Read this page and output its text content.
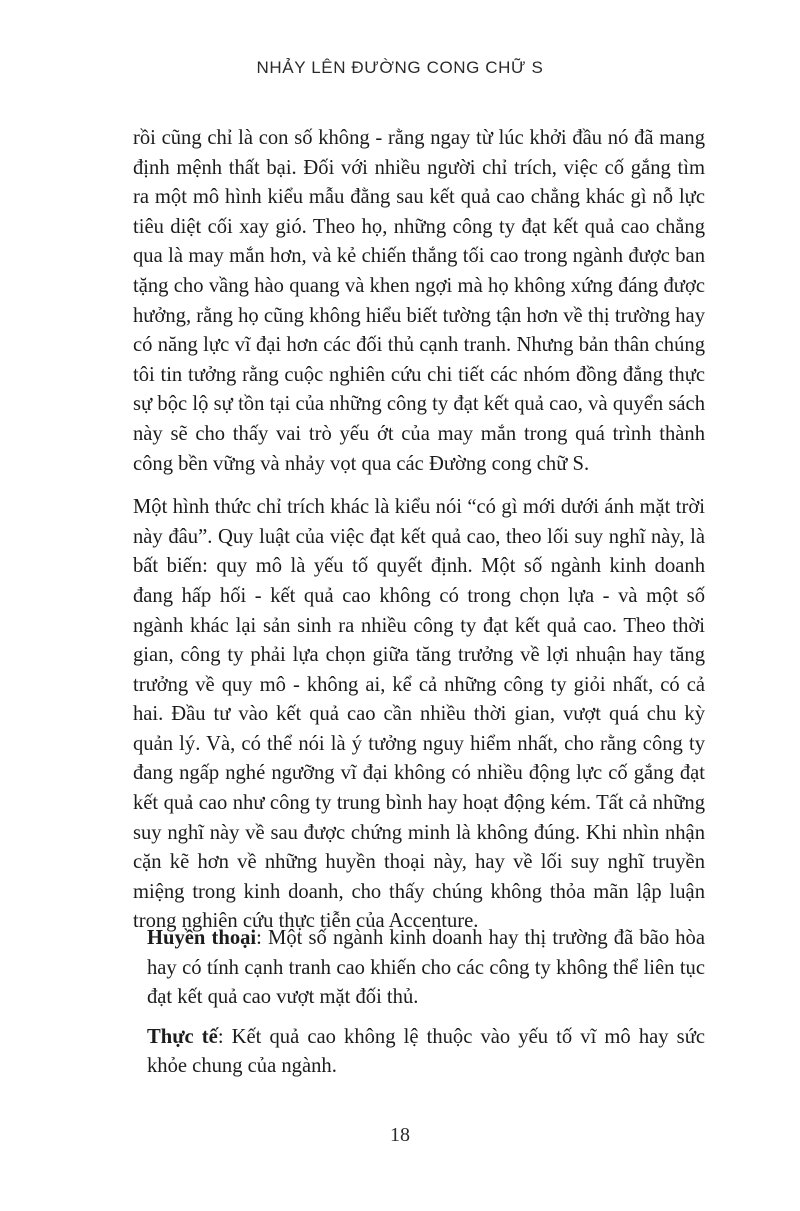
NHẢY LÊN ĐƯỜNG CONG CHỮ S

rồi cũng chỉ là con số không - rằng ngay từ lúc khởi đầu nó đã mang định mệnh thất bại. Đối với nhiều người chỉ trích, việc cố gắng tìm ra một mô hình kiểu mẫu đằng sau kết quả cao chẳng khác gì nỗ lực tiêu diệt cối xay gió. Theo họ, những công ty đạt kết quả cao chẳng qua là may mắn hơn, và kẻ chiến thắng tối cao trong ngành được ban tặng cho vầng hào quang và khen ngợi mà họ không xứng đáng được hưởng, rằng họ cũng không hiểu biết tường tận hơn về thị trường hay có năng lực vĩ đại hơn các đối thủ cạnh tranh. Nhưng bản thân chúng tôi tin tưởng rằng cuộc nghiên cứu chi tiết các nhóm đồng đẳng thực sự bộc lộ sự tồn tại của những công ty đạt kết quả cao, và quyển sách này sẽ cho thấy vai trò yếu ớt của may mắn trong quá trình thành công bền vững và nhảy vọt qua các Đường cong chữ S.

Một hình thức chỉ trích khác là kiểu nói “có gì mới dưới ánh mặt trời này đâu”. Quy luật của việc đạt kết quả cao, theo lối suy nghĩ này, là bất biến: quy mô là yếu tố quyết định. Một số ngành kinh doanh đang hấp hối - kết quả cao không có trong chọn lựa - và một số ngành khác lại sản sinh ra nhiều công ty đạt kết quả cao. Theo thời gian, công ty phải lựa chọn giữa tăng trưởng về lợi nhuận hay tăng trưởng về quy mô - không ai, kể cả những công ty giỏi nhất, có cả hai. Đầu tư vào kết quả cao cần nhiều thời gian, vượt quá chu kỳ quản lý. Và, có thể nói là ý tưởng nguy hiểm nhất, cho rằng công ty đang ngấp nghé ngưỡng vĩ đại không có nhiều động lực cố gắng đạt kết quả cao như công ty trung bình hay hoạt động kém. Tất cả những suy nghĩ này về sau được chứng minh là không đúng. Khi nhìn nhận cặn kẽ hơn về những huyền thoại này, hay về lối suy nghĩ truyền miệng trong kinh doanh, cho thấy chúng không thỏa mãn lập luận trong nghiên cứu thực tiễn của Accenture.

Huyền thoại: Một số ngành kinh doanh hay thị trường đã bão hòa hay có tính cạnh tranh cao khiến cho các công ty không thể liên tục đạt kết quả cao vượt mặt đối thủ.

Thực tế: Kết quả cao không lệ thuộc vào yếu tố vĩ mô hay sức khỏe chung của ngành.

18
